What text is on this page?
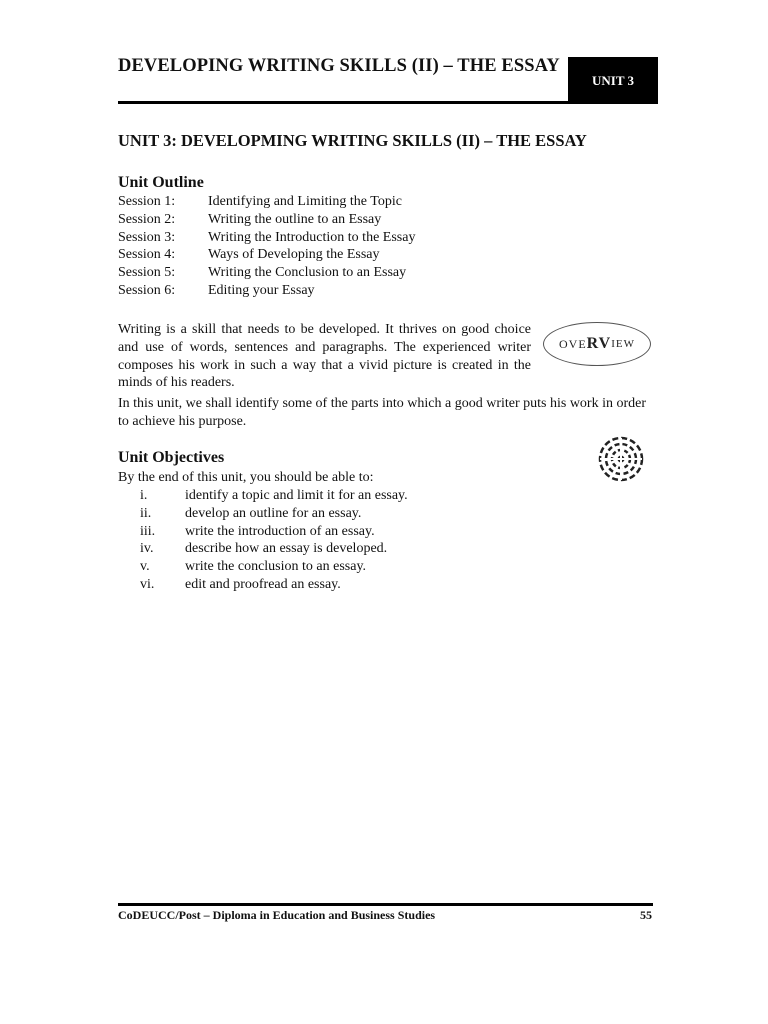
DEVELOPING WRITING SKILLS (II) – THE ESSAY
UNIT 3
UNIT 3: DEVELOPMING WRITING SKILLS (II) – THE ESSAY
Unit Outline
Session 1:	Identifying and Limiting the Topic
Session 2:	Writing the outline to an Essay
Session 3:	Writing the Introduction to the Essay
Session 4:	Ways of Developing the Essay
Session 5:	Writing the Conclusion to an Essay
Session 6:	Editing your Essay
Writing is a skill that needs to be developed. It thrives on good choice and use of words, sentences and paragraphs. The experienced writer composes his work in such a way that a vivid picture is created in the minds of his readers.
OVE RV IEW
In this unit, we shall identify some of the parts into which a good writer puts his work in order to achieve his purpose.
Unit Objectives
By the end of this unit, you should be able to:
i.	identify a topic and limit it for an essay.
ii.	develop an outline for an essay.
iii.	write the introduction of an essay.
iv.	describe how an essay is developed.
v.	write the conclusion to an essay.
vi.	edit and proofread an essay.
CoDEUCC/Post – Diploma in Education and Business Studies	55
